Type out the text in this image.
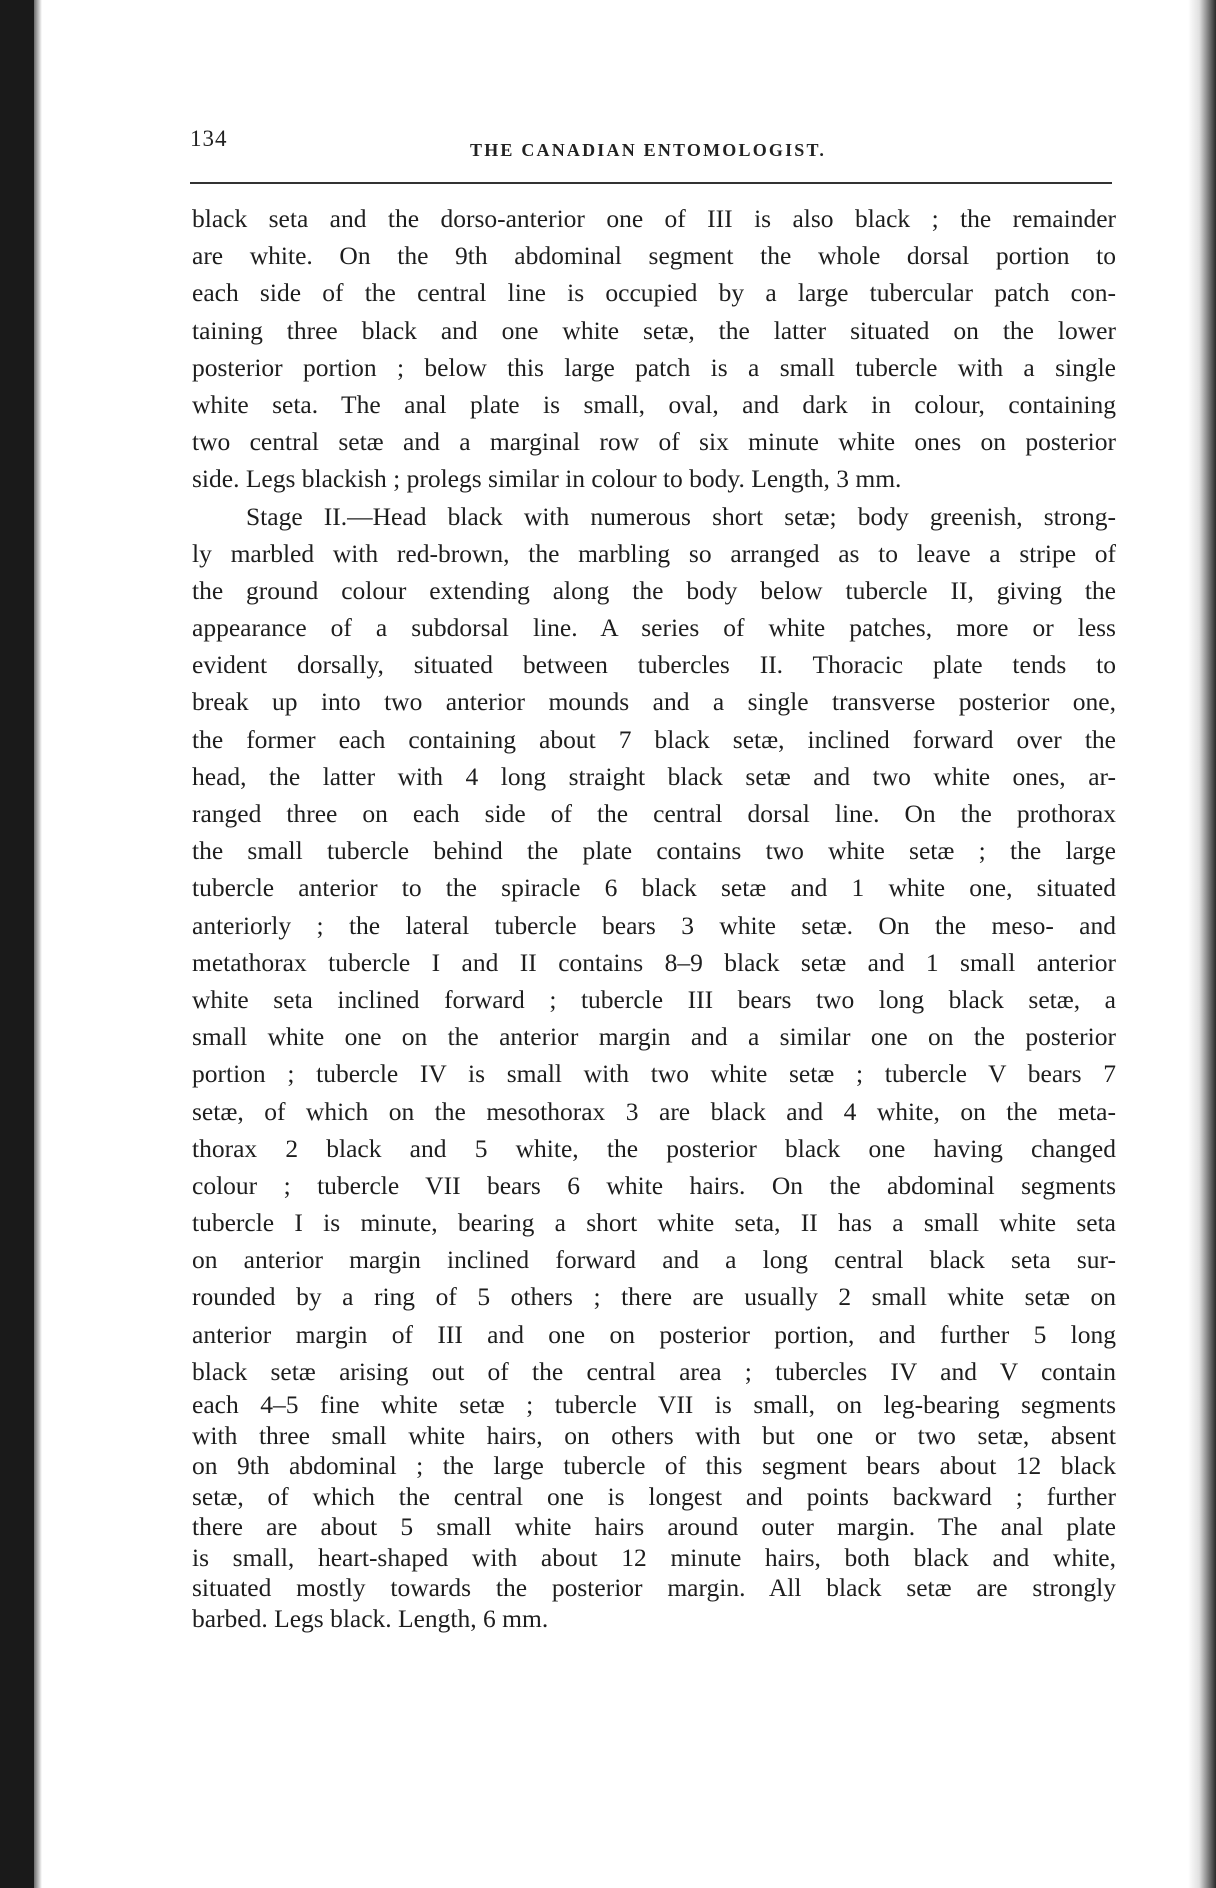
134	THE CANADIAN ENTOMOLOGIST.
black seta and the dorso-anterior one of III is also black ; the remainder
are white. On the 9th abdominal segment the whole dorsal portion to
each side of the central line is occupied by a large tubercular patch con-
taining three black and one white setæ, the latter situated on the lower
posterior portion ; below this large patch is a small tubercle with a single
white seta. The anal plate is small, oval, and dark in colour, containing
two central setæ and a marginal row of six minute white ones on posterior
side. Legs blackish ; prolegs similar in colour to body. Length, 3 mm.
Stage II.—Head black with numerous short setæ; body greenish, strong-
ly marbled with red-brown, the marbling so arranged as to leave a stripe of
the ground colour extending along the body below tubercle II, giving the
appearance of a subdorsal line. A series of white patches, more or less
evident dorsally, situated between tubercles II. Thoracic plate tends to
break up into two anterior mounds and a single transverse posterior one,
the former each containing about 7 black setæ, inclined forward over the
head, the latter with 4 long straight black setæ and two white ones, ar-
ranged three on each side of the central dorsal line. On the prothorax
the small tubercle behind the plate contains two white setæ ; the large
tubercle anterior to the spiracle 6 black setæ and 1 white one, situated
anteriorly ; the lateral tubercle bears 3 white setæ. On the meso- and
metathorax tubercle I and II contains 8–9 black setæ and 1 small anterior
white seta inclined forward ; tubercle III bears two long black setæ, a
small white one on the anterior margin and a similar one on the posterior
portion ; tubercle IV is small with two white setæ ; tubercle V bears 7
setæ, of which on the mesothorax 3 are black and 4 white, on the meta-
thorax 2 black and 5 white, the posterior black one having changed
colour ; tubercle VII bears 6 white hairs. On the abdominal segments
tubercle I is minute, bearing a short white seta, II has a small white seta
on anterior margin inclined forward and a long central black seta sur-
rounded by a ring of 5 others ; there are usually 2 small white setæ on
anterior margin of III and one on posterior portion, and further 5 long
black setæ arising out of the central area ; tubercles IV and V contain
each 4–5 fine white setæ ; tubercle VII is small, on leg-bearing segments
with three small white hairs, on others with but one or two setæ, absent
on 9th abdominal ; the large tubercle of this segment bears about 12 black
setæ, of which the central one is longest and points backward ; further
there are about 5 small white hairs around outer margin. The anal plate
is small, heart-shaped with about 12 minute hairs, both black and white,
situated mostly towards the posterior margin. All black setæ are strongly
barbed. Legs black. Length, 6 mm.
